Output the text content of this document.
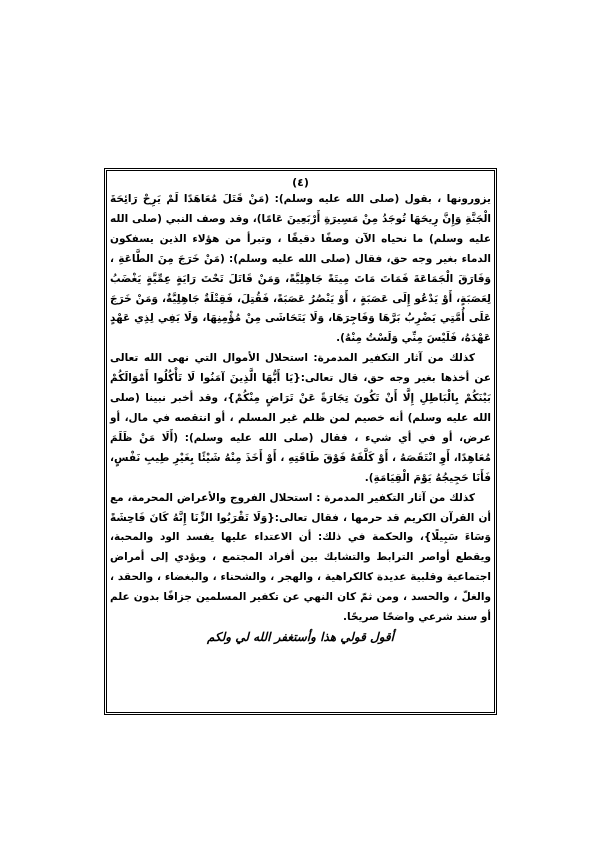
(٤)

يزورونها ، بقول (صلى الله عليه وسلم): (مَنْ قَتَلَ مُعَاهَدًا لَمْ يَرِحْ رَائِحَةَ الْجَنَّةِ وَإِنَّ رِيحَهَا تُوجَدُ مِنْ مَسِيرَةِ أَرْبَعِينَ عَامًا)، وقد وصف النبي (صلى الله عليه وسلم) ما نحياه الآن وصفًا دقيقًا ، وتبرأ من هؤلاء الذين يسفكون الدماء بغير وجه حق، فقال (صلى الله عليه وسلم): (مَنْ خَرَجَ مِنَ الطَّاعَةِ ، وَفَارَقَ الْجَمَاعَةَ فَمَاتَ مَاتَ مِيتَةً جَاهِلِيَّةً، وَمَنْ قَاتَلَ تَحْتَ رَايَةٍ عِمِّيَّةٍ يَغْضَبُ لِعَصَبَةٍ، أَوْ يَدْعُو إِلَى عَصَبَةٍ ، أَوْ يَنْصُرُ عَصَبَةً، فَقُتِلَ، فَقِتْلَةٌ جَاهِلِيَّةٌ، وَمَنْ خَرَجَ عَلَى أُمَّتِي يَضْرِبُ بَرَّهَا وَفَاجِرَهَا، وَلَا يَتَحَاشَى مِنْ مُؤْمِنِهَا، وَلَا يَفِي لِذِي عَهْدٍ عَهْدَهُ، فَلَيْسَ مِنِّي وَلَسْتُ مِنْهُ).

كذلك من آثار التكفير المدمرة: استحلال الأموال التي نهى الله تعالى عن أخذها بغير وجه حق، قال تعالى:{يَا أَيُّهَا الَّذِينَ آمَنُوا لَا تَأْكُلُوا أَمْوَالَكُمْ بَيْنَكُمْ بِالْبَاطِلِ إِلَّا أَنْ تَكُونَ تِجَارَةً عَنْ تَرَاضٍ مِنْكُمْ}، وقد أخبر نبينا (صلى الله عليه وسلم) أنه خصيم لمن ظلم غير المسلم ، أو انتقصه في مال، أو عرض، أو في أي شيء ، فقال (صلى الله عليه وسلم): (أَلَا مَنْ ظَلَمَ مُعَاهِدًا، أَوِ انْتَقَصَهُ ، أَوْ كَلَّفَهُ فَوْقَ طَاقَتِهِ ، أَوْ أَخَذَ مِنْهُ شَيْئًا بِغَيْرِ طِيبِ نَفْسٍ، فَأَنَا حَجِيجُهُ يَوْمَ الْقِيَامَةِ).

كذلك من آثار التكفير المدمرة : استحلال الفروج والأعراض المحرمة، مع أن القرآن الكريم قد حرمها ، فقال تعالى:{وَلَا تَقْرَبُوا الزِّنَا إِنَّهُ كَانَ فَاحِشَةً وَسَاءَ سَبِيلًا}، والحكمة في ذلك: أن الاعتداء عليها يفسد الود والمحبة، ويقطع أواصر الترابط والتشابك بين أفراد المجتمع ، ويؤدي إلى أمراض اجتماعية وقلبية عديدة كالكراهية ، والهجر ، والشحناء ، والبغضاء ، والحقد ، والغلّ ، والحسد ، ومن ثمّ كان النهي عن تكفير المسلمين جزافًا بدون علم أو سند شرعي واضحًا صريحًا.

أقول قولي هذا وأستغفر الله لي ولكم
